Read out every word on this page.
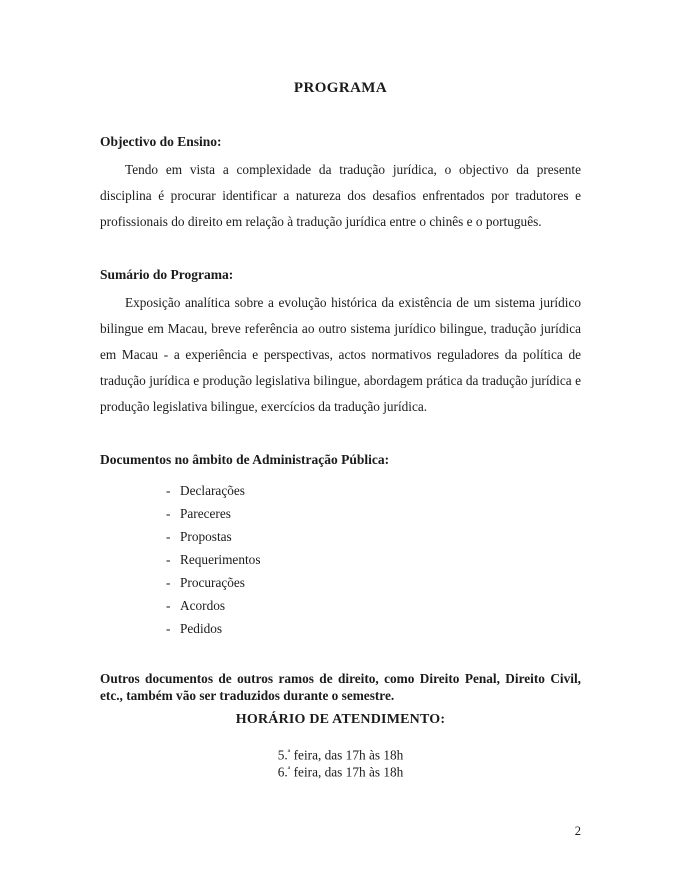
PROGRAMA

Objectivo do Ensino:

Tendo em vista a complexidade da tradução jurídica, o objectivo da presente disciplina é procurar identificar a natureza dos desafios enfrentados por tradutores e profissionais do direito em relação à tradução jurídica entre o chinês e o português.

Sumário do Programa:

Exposição analítica sobre a evolução histórica da existência de um sistema jurídico bilingue em Macau, breve referência ao outro sistema jurídico bilingue, tradução jurídica em Macau - a experiência e perspectivas, actos normativos reguladores da política de tradução jurídica e produção legislativa bilingue, abordagem prática da tradução jurídica e produção legislativa bilingue, exercícios da tradução jurídica.

Documentos no âmbito de Administração Pública:

- Declarações
- Pareceres
- Propostas
- Requerimentos
- Procurações
- Acordos
- Pedidos

Outros documentos de outros ramos de direito, como Direito Penal, Direito Civil, etc., também vão ser traduzidos durante o semestre.

HORÁRIO DE ATENDIMENTO:

5.$^ª$ feira, das 17h às 18h

6.$^ª$ feira, das 17h às 18h

2
